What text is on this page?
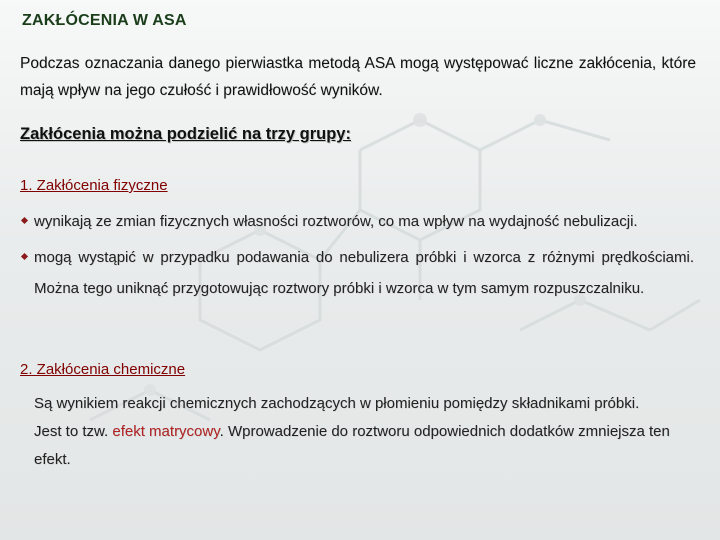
ZAKŁÓCENIA W ASA

Podczas oznaczania danego pierwiastka metodą ASA mogą występować liczne zakłócenia, które mają wpływ na jego czułość i prawidłowość wyników.

Zakłócenia można podzielić na trzy grupy:

1. Zakłócenia fizyczne

wynikają ze zmian fizycznych własności roztworów, co ma wpływ na wydajność nebulizacji.

mogą wystąpić w przypadku podawania do nebulizera próbki i wzorca z różnymi prędkościami. Można tego uniknąć przygotowując roztwory próbki i wzorca w tym samym rozpuszczalniku.

2. Zakłócenia chemiczne

Są wynikiem reakcji chemicznych zachodzących w płomieniu pomiędzy składnikami próbki.
Jest to tzw. efekt matrycowy. Wprowadzenie do roztworu odpowiednich dodatków zmniejsza ten efekt.
